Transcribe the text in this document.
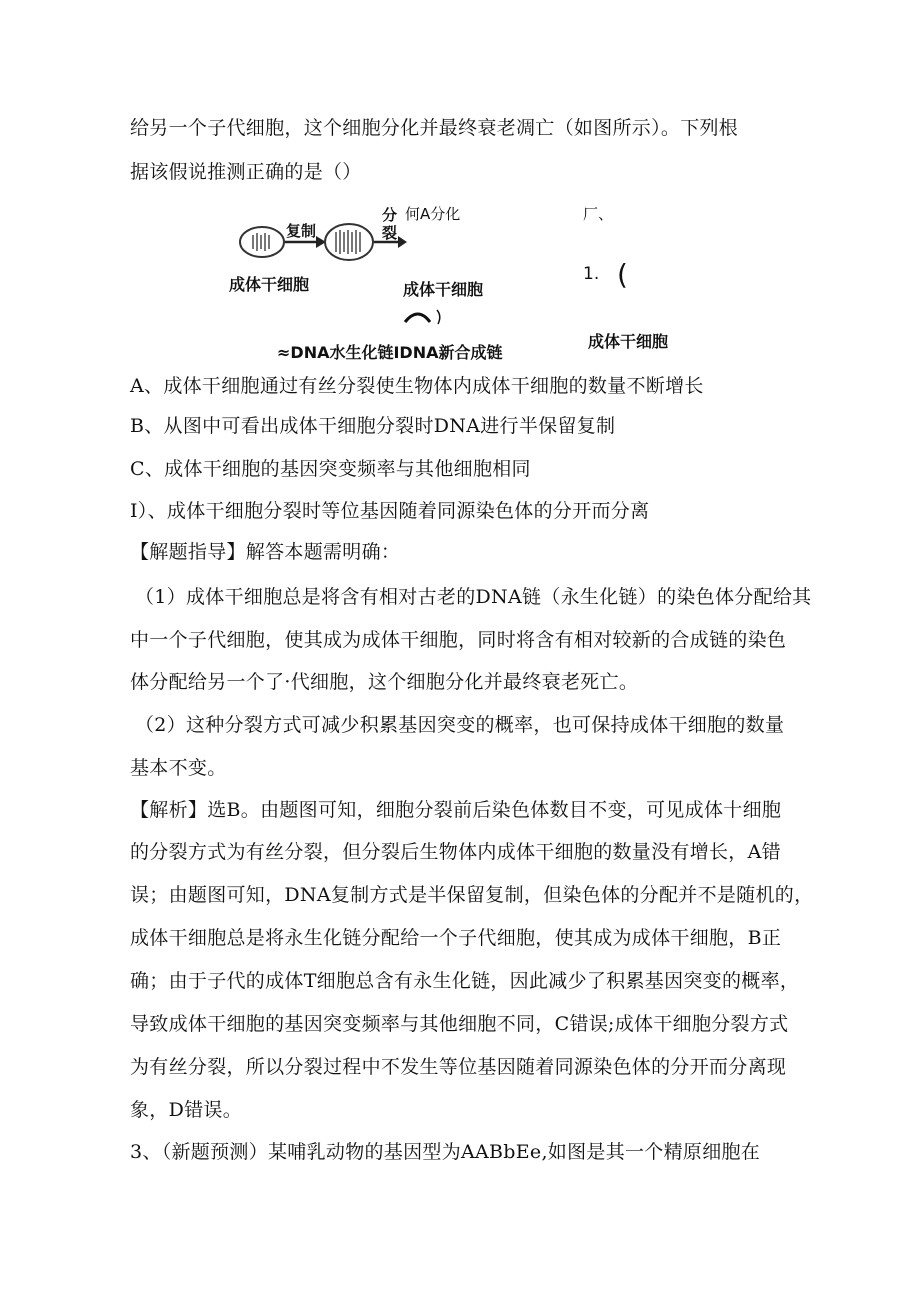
给另一个子代细胞，这个细胞分化并最终衰老凋亡（如图所示）。下列根
据该假说推测正确的是（）
复制
分
裂
何A分化	厂、
1. (
成体干细胞	成体干细胞
成体干细胞
≈DNA水生化链IDNA新合成链
A、成体干细胞通过有丝分裂使生物体内成体干细胞的数量不断增长
B、从图中可看出成体干细胞分裂时DNA进行半保留复制
C、成体干细胞的基因突变频率与其他细胞相同
I）、成体干细胞分裂时等位基因随着同源染色体的分开而分离
【解题指导】解答本题需明确：
（1）成体干细胞总是将含有相对古老的DNA链（永生化链）的染色体分配给其
中一个子代细胞，使其成为成体干细胞，同时将含有相对较新的合成链的染色
体分配给另一个了·代细胞，这个细胞分化并最终衰老死亡。
（2）这种分裂方式可减少积累基因突变的概率，也可保持成体干细胞的数量
基本不变。
【解析】选B。由题图可知，细胞分裂前后染色体数目不变，可见成体十细胞
的分裂方式为有丝分裂，但分裂后生物体内成体干细胞的数量没有增长，A错
误；由题图可知，DNA复制方式是半保留复制，但染色体的分配并不是随机的，
成体干细胞总是将永生化链分配给一个子代细胞，使其成为成体干细胞，B正
确；由于子代的成体T细胞总含有永生化链，因此减少了积累基因突变的概率，
导致成体干细胞的基因突变频率与其他细胞不同，C错误;成体干细胞分裂方式
为有丝分裂，所以分裂过程中不发生等位基因随着同源染色体的分开而分离现
象，D错误。
3、（新题预测）某哺乳动物的基因型为AABbEe,如图是其一个精原细胞在
